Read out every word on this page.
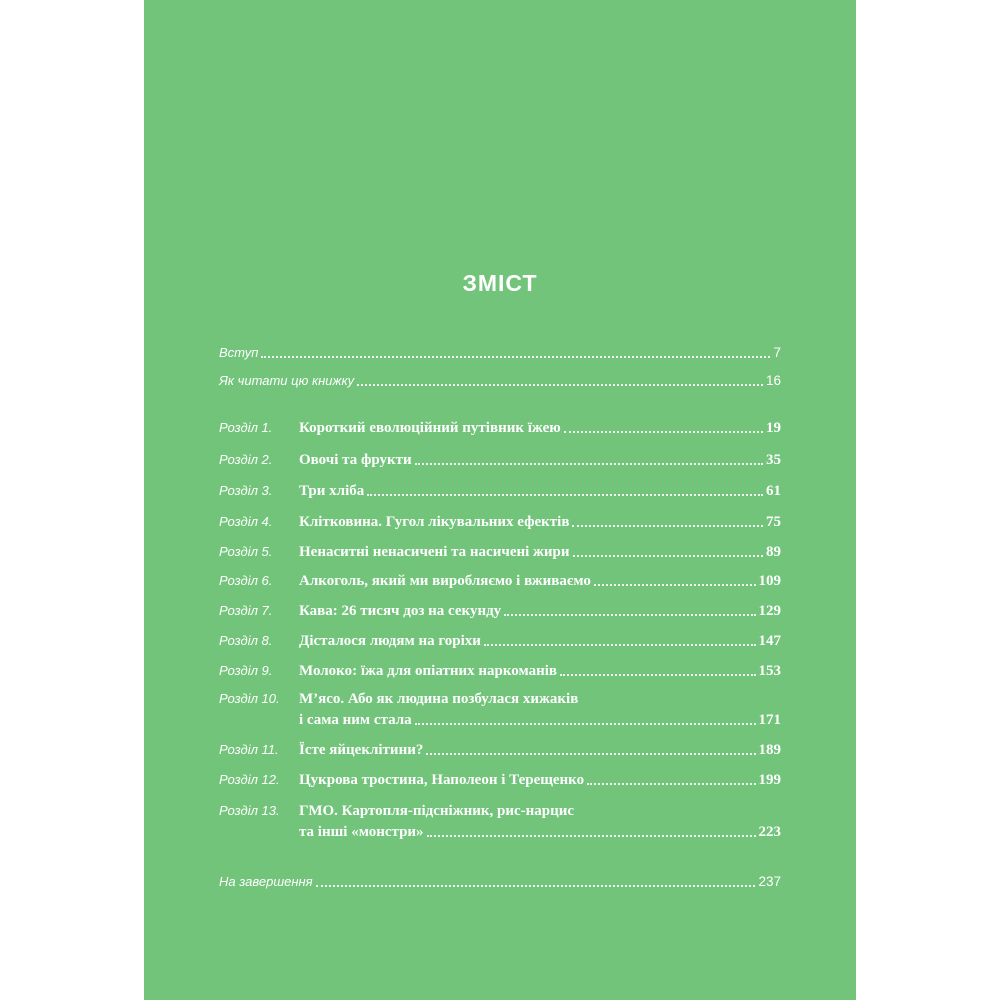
ЗМІСТ
Вступ	7
Як читати цю книжку	16
Розділ 1.	Короткий еволюційний путівник їжею	19
Розділ 2.	Овочі та фрукти	35
Розділ 3.	Три хліба	61
Розділ 4.	Клітковина. Гугол лікувальних ефектів	75
Розділ 5.	Ненаситні ненасичені та насичені жири	89
Розділ 6.	Алкоголь, який ми виробляємо і вживаємо	109
Розділ 7.	Кава: 26 тисяч доз на секунду	129
Розділ 8.	Дісталося людям на горіхи	147
Розділ 9.	Молоко: їжа для опіатних наркоманів	153
Розділ 10.	М’ясо. Або як людина позбулася хижаків
і сама ним стала	171
Розділ 11.	Їсте яйцеклітини?	189
Розділ 12.	Цукрова тростина, Наполеон і Терещенко	199
Розділ 13.	ГМО. Картопля-підсніжник, рис-нарцис
та інші «монстри»	223
На завершення	237
